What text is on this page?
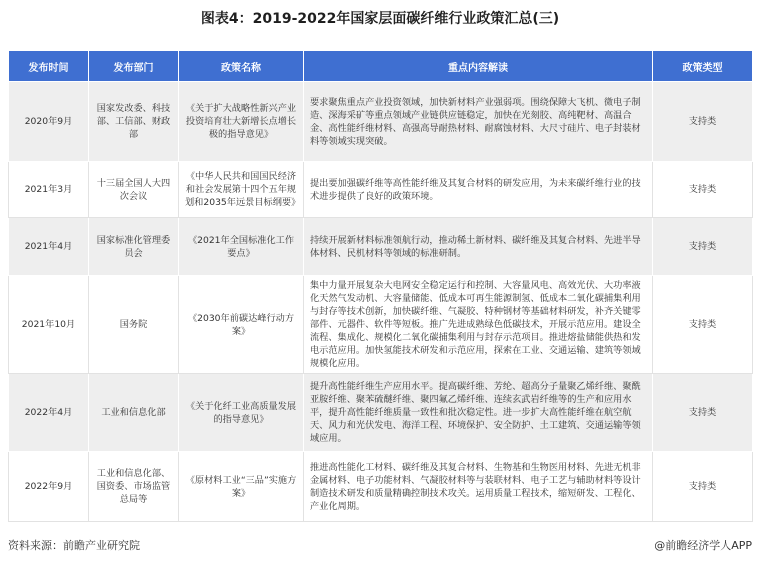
图表4：2019-2022年国家层面碳纤维行业政策汇总(三)
发布时间	发布部门	政策名称	重点内容解读	政策类型
2020年9月	国家发改委、科技部、工信部、财政部	《关于扩大战略性新兴产业投资培育壮大新增长点增长极的指导意见》	要求聚焦重点产业投资领域，加快新材料产业强弱项。围绕保障大飞机、微电子制造、深海采矿等重点领域产业链供应链稳定，加快在光刻胶、高纯靶材、高温合金、高性能纤维材料、高强高导耐热材料、耐腐蚀材料、大尺寸硅片、电子封装材料等领域实现突破。	支持类
2021年3月	十三届全国人大四次会议	《中华人民共和国国民经济和社会发展第十四个五年规划和2035年远景目标纲要》	提出要加强碳纤维等高性能纤维及其复合材料的研发应用，为未来碳纤维行业的技术进步提供了良好的政策环境。	支持类
2021年4月	国家标准化管理委员会	《2021年全国标准化工作要点》	持续开展新材料标准领航行动，推动稀土新材料、碳纤维及其复合材料、先进半导体材料、民机材料等领域的标准研制。	支持类
2021年10月	国务院	《2030年前碳达峰行动方案》	集中力量开展复杂大电网安全稳定运行和控制、大容量风电、高效光伏、大功率液化天然气发动机、大容量储能、低成本可再生能源制氢、低成本二氧化碳捕集利用与封存等技术创新，加快碳纤维、气凝胶、特种钢材等基础材料研发，补齐关键零部件、元器件、软件等短板。推广先进成熟绿色低碳技术，开展示范应用。建设全流程、集成化、规模化二氧化碳捕集利用与封存示范项目。推进熔盐储能供热和发电示范应用。加快氢能技术研发和示范应用，探索在工业、交通运输、建筑等领域规模化应用。	支持类
2022年4月	工业和信息化部	《关于化纤工业高质量发展的指导意见》	提升高性能纤维生产应用水平。提高碳纤维、芳纶、超高分子量聚乙烯纤维、聚酰亚胺纤维、聚苯硫醚纤维、聚四氟乙烯纤维、连续玄武岩纤维等的生产和应用水平，提升高性能纤维质量一致性和批次稳定性。进一步扩大高性能纤维在航空航天、风力和光伏发电、海洋工程、环境保护、安全防护、土工建筑、交通运输等领域应用。	支持类
2022年9月	工业和信息化部、国资委、市场监管总局等	《原材料工业“三品”实施方案》	推进高性能化工材料、碳纤维及其复合材料、生物基和生物医用材料、先进无机非金属材料、电子功能材料、气凝胶材料等与装联材料、电子工艺与辅助材料等设计制造技术研发和质量精确控制技术攻关。运用质量工程技术，缩短研发、工程化、产业化周期。	支持类
资料来源：前瞻产业研究院	@前瞻经济学人APP
